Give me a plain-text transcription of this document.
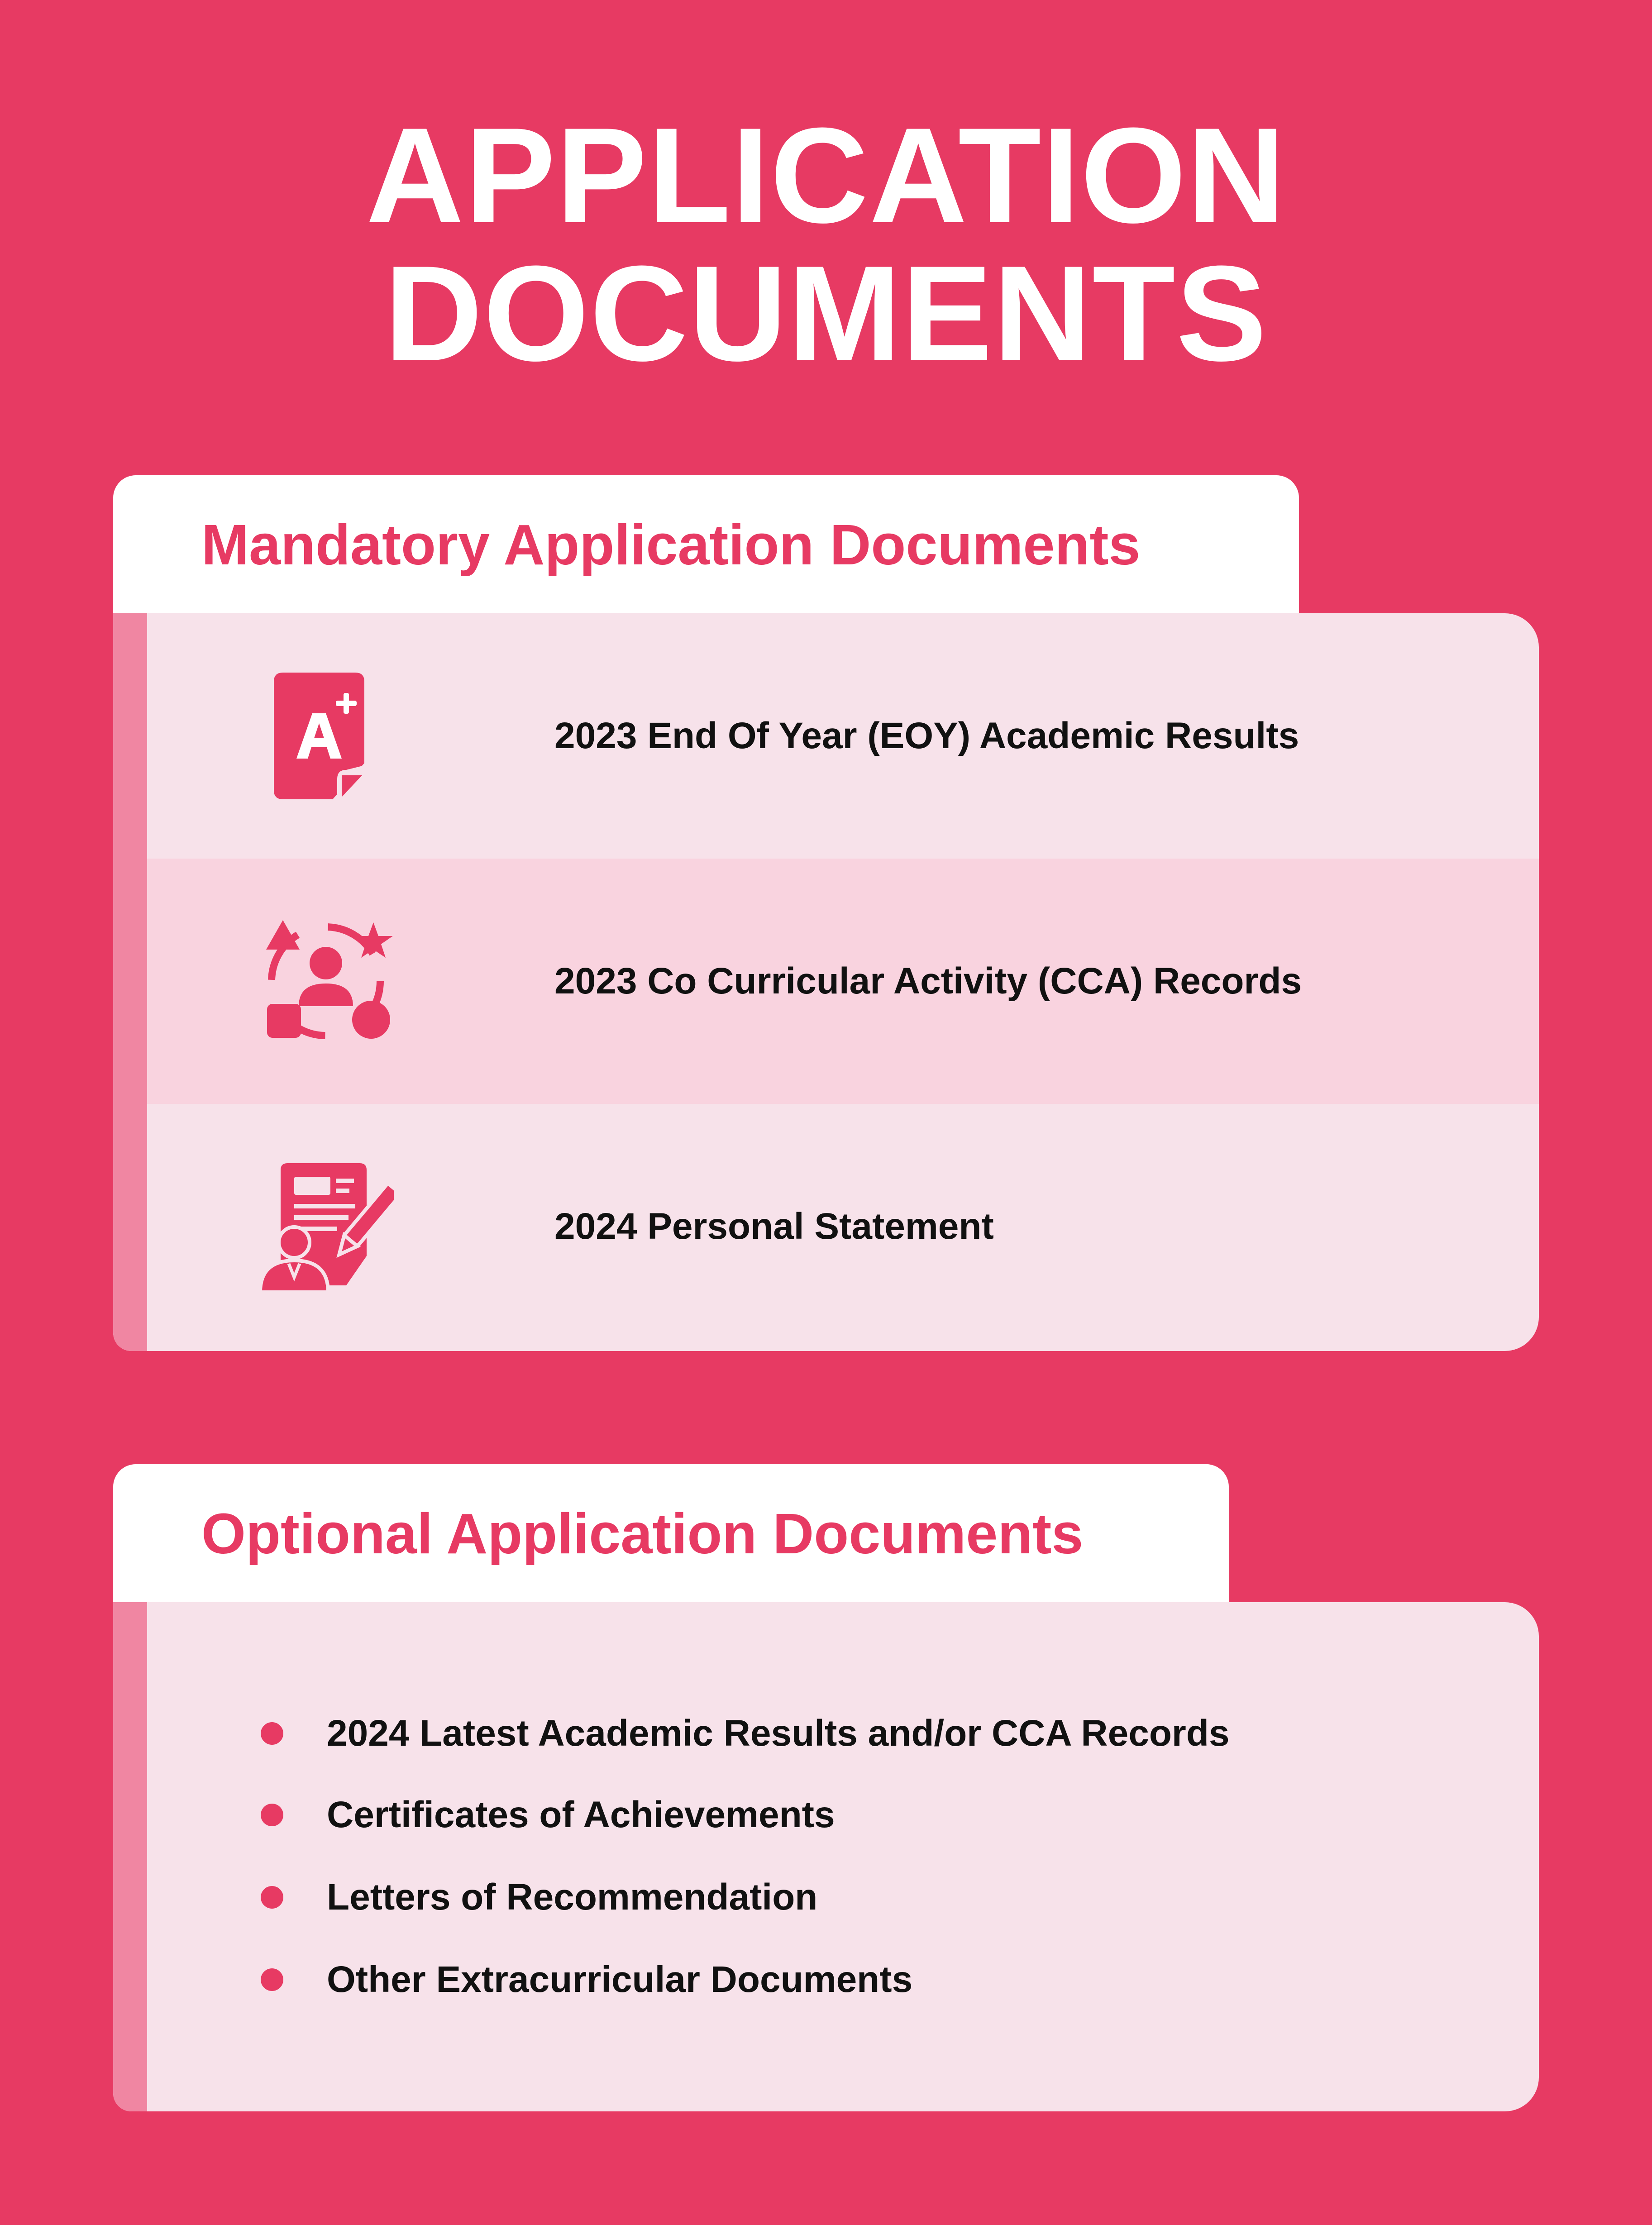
APPLICATION
DOCUMENTS
Mandatory Application Documents
2023 End Of Year (EOY) Academic Results
2023 Co Curricular Activity (CCA) Records
2024 Personal Statement
Optional Application Documents
2024 Latest Academic Results and/or CCA Records
Certificates of Achievements
Letters of Recommendation
Other Extracurricular Documents
